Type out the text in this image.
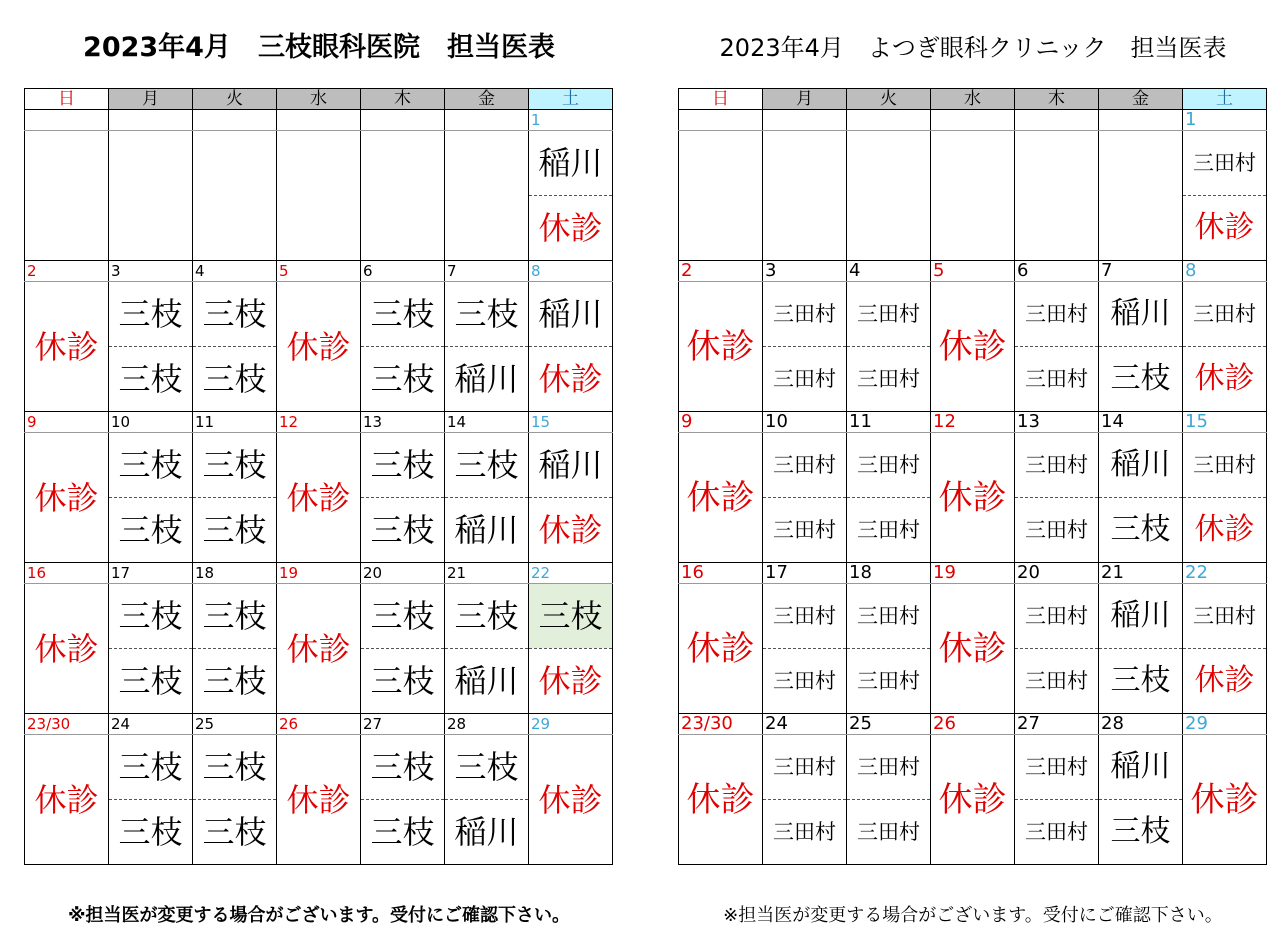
2023年4月　三枝眼科医院　担当医表
日	月	火	水	木	金	土
						1
						稲川
						休診
2	3	4	5	6	7	8
休診	三枝	三枝	休診	三枝	三枝	稲川
	三枝	三枝		三枝	稲川	休診
9	10	11	12	13	14	15
休診	三枝	三枝	休診	三枝	三枝	稲川
	三枝	三枝		三枝	稲川	休診
16	17	18	19	20	21	22
休診	三枝	三枝	休診	三枝	三枝	三枝
	三枝	三枝		三枝	稲川	休診
23/30	24	25	26	27	28	29
休診	三枝	三枝	休診	三枝	三枝	休診
	三枝	三枝		三枝	稲川	
※担当医が変更する場合がございます。受付にご確認下さい。
2023年4月　よつぎ眼科クリニック　担当医表
日	月	火	水	木	金	土
						1
						三田村
						休診
2	3	4	5	6	7	8
休診	三田村	三田村	休診	三田村	稲川	三田村
	三田村	三田村		三田村	三枝	休診
9	10	11	12	13	14	15
休診	三田村	三田村	休診	三田村	稲川	三田村
	三田村	三田村		三田村	三枝	休診
16	17	18	19	20	21	22
休診	三田村	三田村	休診	三田村	稲川	三田村
	三田村	三田村		三田村	三枝	休診
23/30	24	25	26	27	28	29
休診	三田村	三田村	休診	三田村	稲川	休診
	三田村	三田村		三田村	三枝	
※担当医が変更する場合がございます。受付にご確認下さい。
